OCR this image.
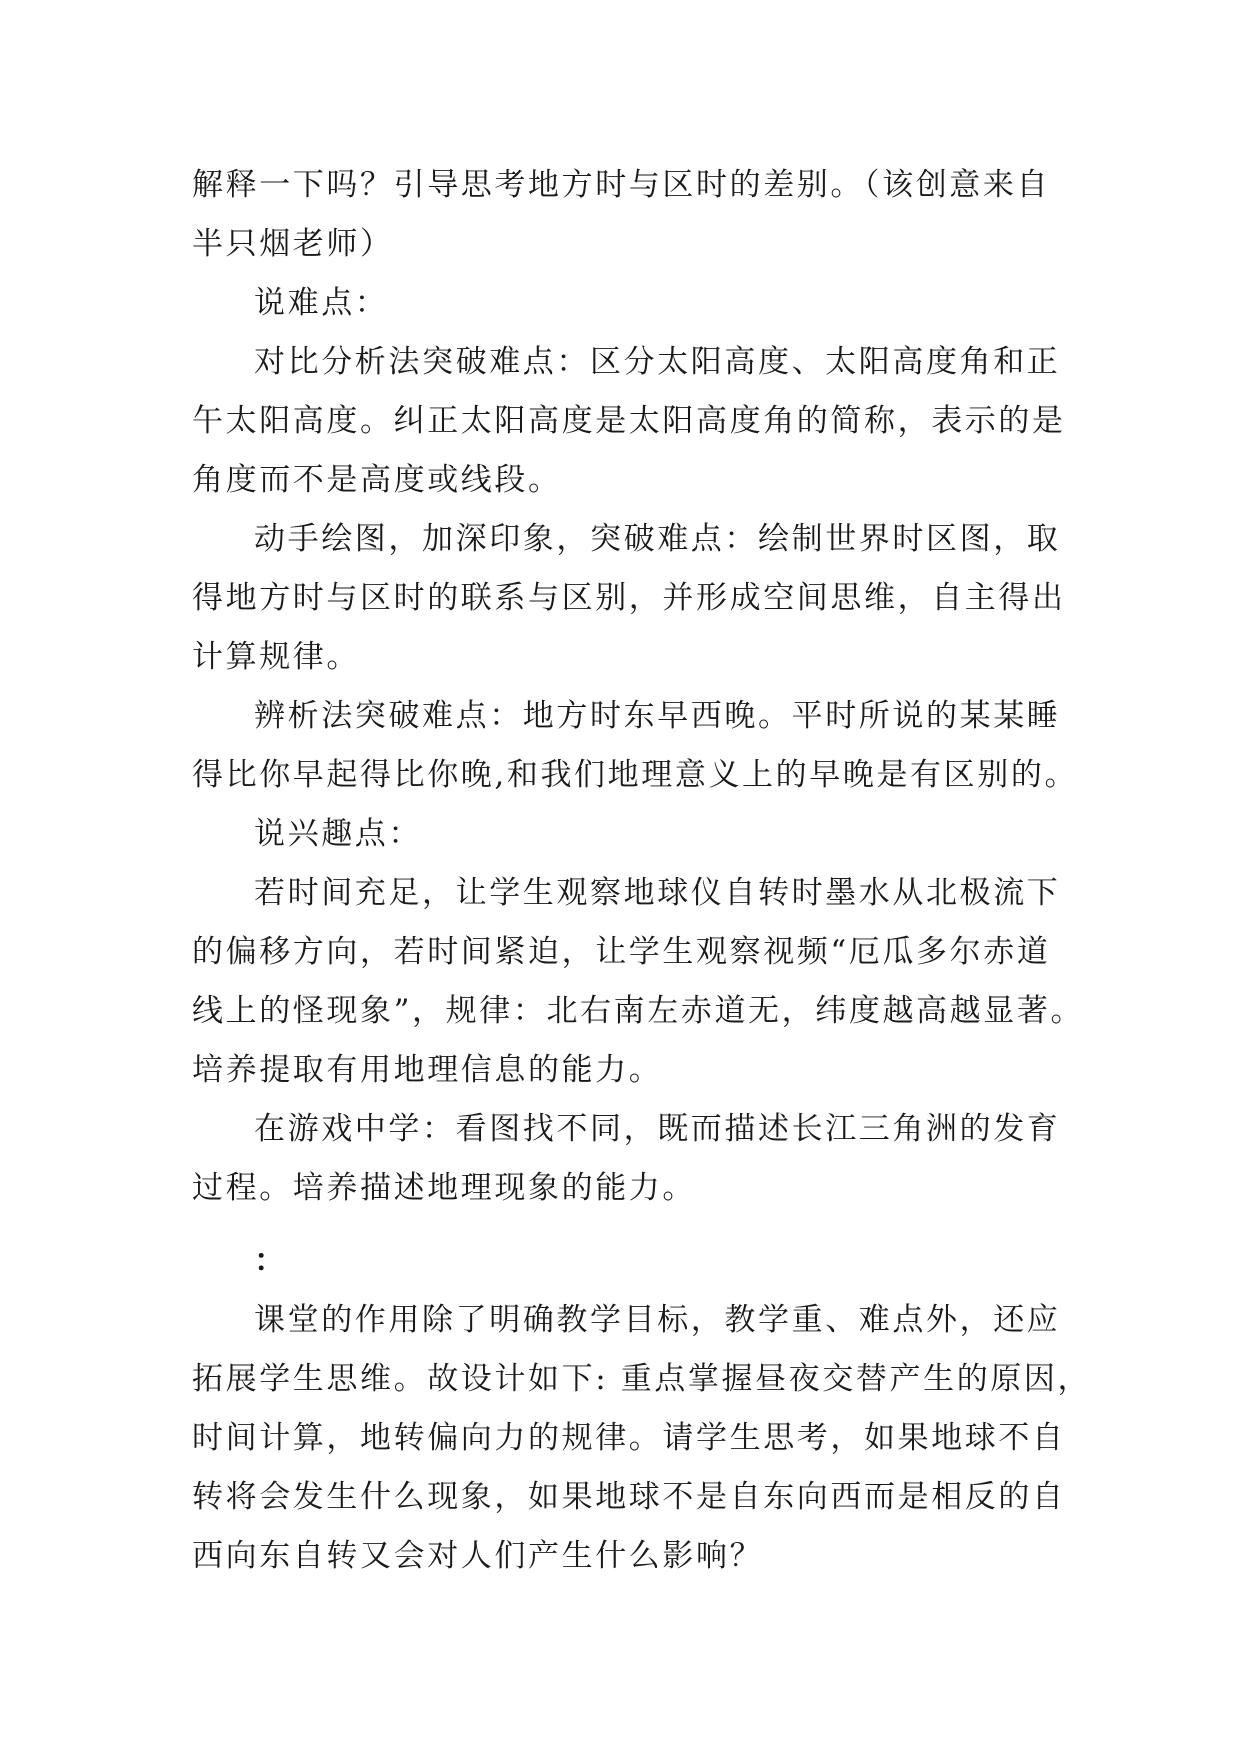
解释一下吗？引导思考地方时与区时的差别。（该创意来自
半只烟老师）

说难点：

对比分析法突破难点：区分太阳高度、太阳高度角和正
午太阳高度。纠正太阳高度是太阳高度角的简称，表示的是
角度而不是高度或线段。

动手绘图，加深印象，突破难点：绘制世界时区图，取
得地方时与区时的联系与区别，并形成空间思维，自主得出
计算规律。

辨析法突破难点：地方时东早西晚。平时所说的某某睡
得比你早起得比你晚,和我们地理意义上的早晚是有区别的。

说兴趣点：

若时间充足，让学生观察地球仪自转时墨水从北极流下
的偏移方向，若时间紧迫，让学生观察视频“厄瓜多尔赤道
线上的怪现象”，规律：北右南左赤道无，纬度越高越显著。
培养提取有用地理信息的能力。

在游戏中学：看图找不同，既而描述长江三角洲的发育
过程。培养描述地理现象的能力。

：

课堂的作用除了明确教学目标，教学重、难点外，还应
拓展学生思维。故设计如下: 重点掌握昼夜交替产生的原因，
时间计算，地转偏向力的规律。请学生思考，如果地球不自
转将会发生什么现象，如果地球不是自东向西而是相反的自
西向东自转又会对人们产生什么影响？
